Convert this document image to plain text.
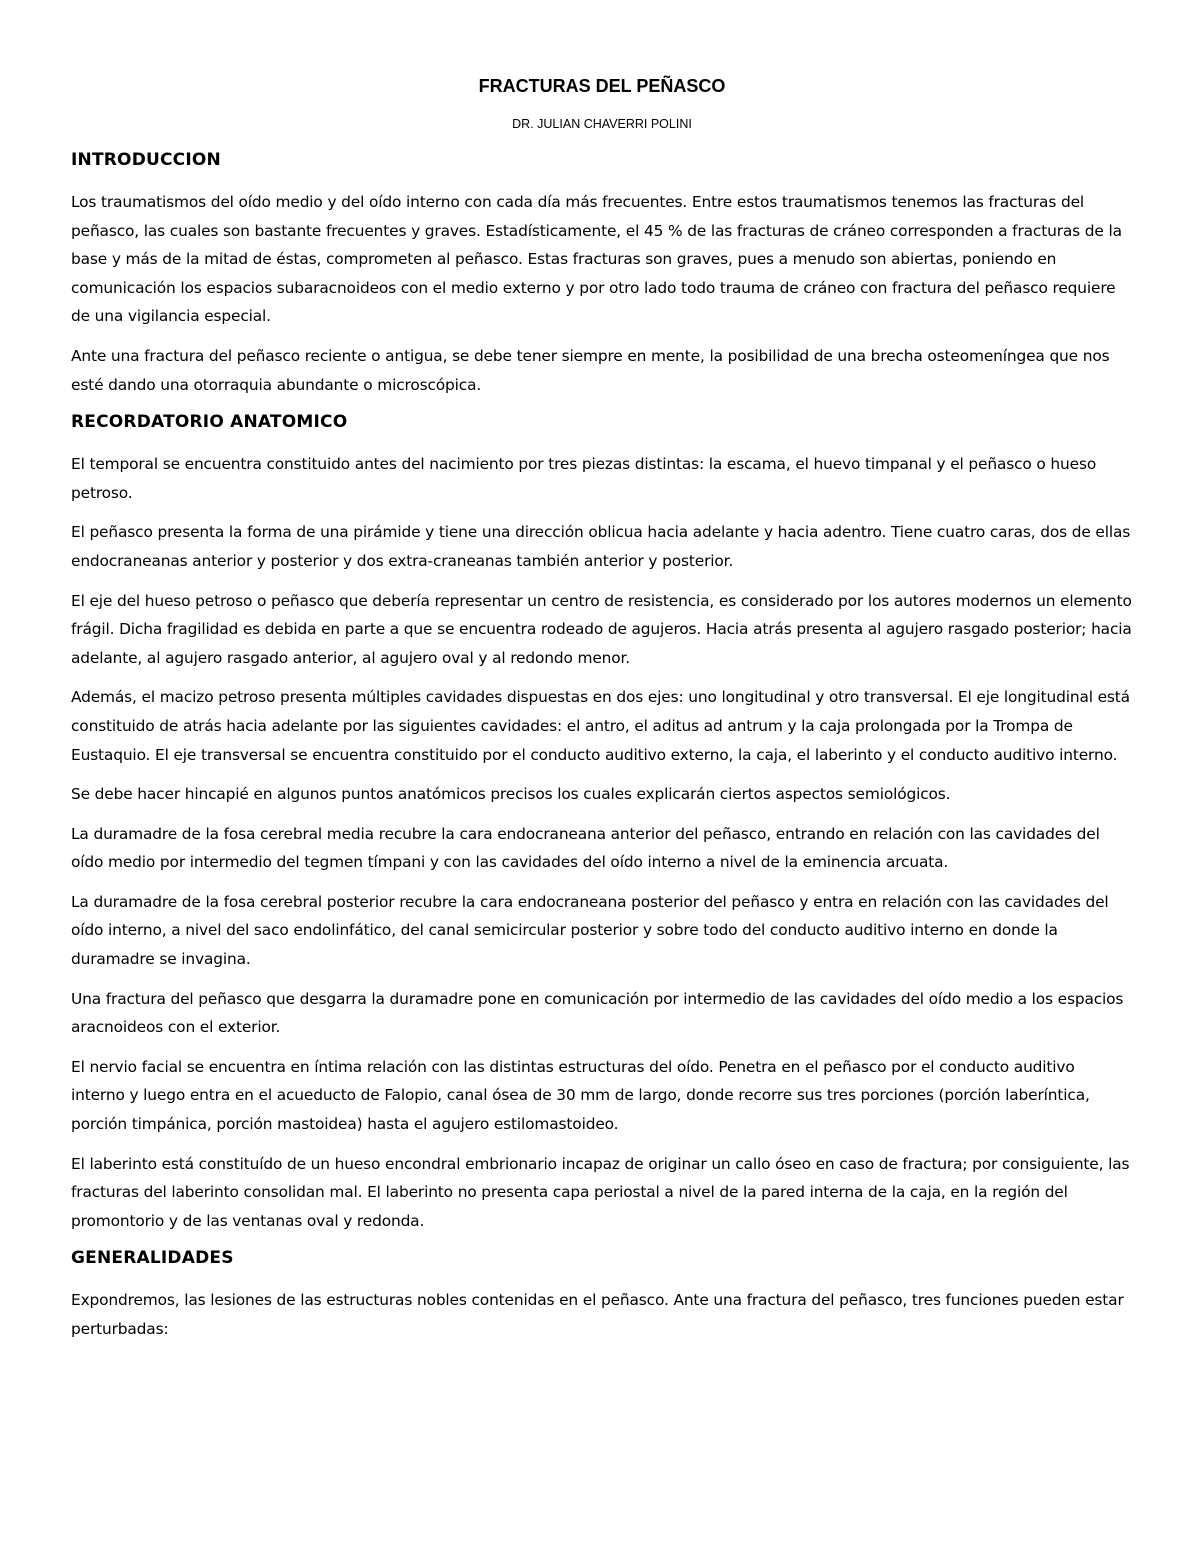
FRACTURAS DEL PEÑASCO
DR. JULIAN CHAVERRI POLINI
INTRODUCCION

Los traumatismos del oído medio y del oído interno con cada día más frecuentes. Entre estos traumatismos tenemos las fracturas del peñasco, las cuales son bastante frecuentes y graves. Estadísticamente, el 45 % de las fracturas de cráneo corresponden a fracturas de la base y más de la mitad de éstas, comprometen al peñasco. Estas fracturas son graves, pues a menudo son abiertas, poniendo en comunicación los espacios subaracnoideos con el medio externo y por otro lado todo trauma de cráneo con fractura del peñasco requiere de una vigilancia especial.

Ante una fractura del peñasco reciente o antigua, se debe tener siempre en mente, la posibilidad de una brecha osteomeníngea que nos esté dando una otorraquia abundante o microscópica.

RECORDATORIO ANATOMICO

El temporal se encuentra constituido antes del nacimiento por tres piezas distintas: la escama, el huevo timpanal y el peñasco o hueso petroso.

El peñasco presenta la forma de una pirámide y tiene una dirección oblicua hacia adelante y hacia adentro. Tiene cuatro caras, dos de ellas endocraneanas anterior y posterior y dos extra-craneanas también anterior y posterior.

El eje del hueso petroso o peñasco que debería representar un centro de resistencia, es considerado por los autores modernos un elemento frágil. Dicha fragilidad es debida en parte a que se encuentra rodeado de agujeros. Hacia atrás presenta al agujero rasgado posterior; hacia adelante, al agujero rasgado anterior, al agujero oval y al redondo menor.

Además, el macizo petroso presenta múltiples cavidades dispuestas en dos ejes: uno longitudinal y otro transversal. El eje longitudinal está constituido de atrás hacia adelante por las siguientes cavidades: el antro, el aditus ad antrum y la caja prolongada por la Trompa de Eustaquio. El eje transversal se encuentra constituido por el conducto auditivo externo, la caja, el laberinto y el conducto auditivo interno.

Se debe hacer hincapié en algunos puntos anatómicos precisos los cuales explicarán ciertos aspectos semiológicos.

La duramadre de la fosa cerebral media recubre la cara endocraneana anterior del peñasco, entrando en relación con las cavidades del oído medio por intermedio del tegmen tímpani y con las cavidades del oído interno a nivel de la eminencia arcuata.

La duramadre de la fosa cerebral posterior recubre la cara endocraneana posterior del peñasco y entra en relación con las cavidades del oído interno, a nivel del saco endolinfático, del canal semicircular posterior y sobre todo del conducto auditivo interno en donde la duramadre se invagina.

Una fractura del peñasco que desgarra la duramadre pone en comunicación por intermedio de las cavidades del oído medio a los espacios aracnoideos con el exterior.

El nervio facial se encuentra en íntima relación con las distintas estructuras del oído. Penetra en el peñasco por el conducto auditivo interno y luego entra en el acueducto de Falopio, canal ósea de 30 mm de largo, donde recorre sus tres porciones (porción laberíntica, porción timpánica, porción mastoidea) hasta el agujero estilomastoideo.

El laberinto está constituído de un hueso encondral embrionario incapaz de originar un callo óseo en caso de fractura; por consiguiente, las fracturas del laberinto consolidan mal. El laberinto no presenta capa periostal a nivel de la pared interna de la caja, en la región del promontorio y de las ventanas oval y redonda.

GENERALIDADES

Expondremos, las lesiones de las estructuras nobles contenidas en el peñasco. Ante una fractura del peñasco, tres funciones pueden estar perturbadas:
